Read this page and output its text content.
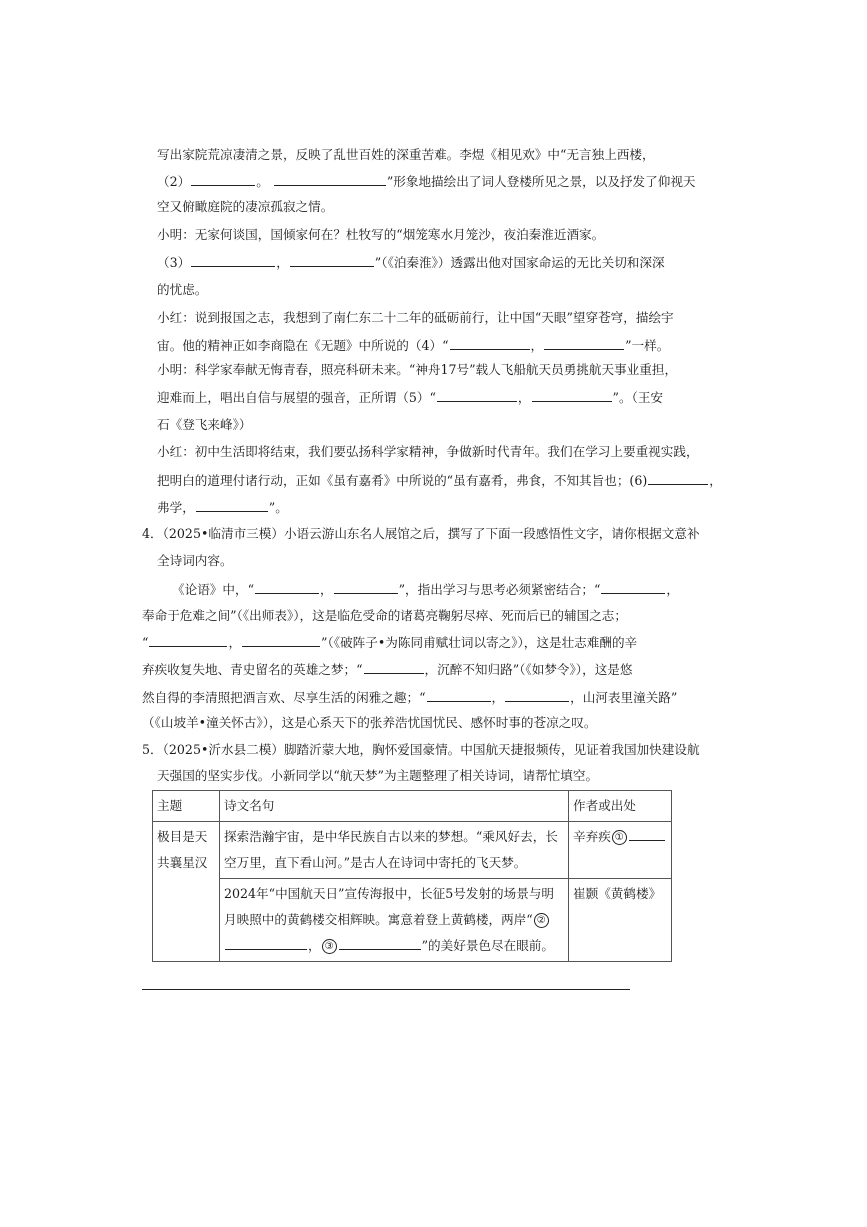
写出家院荒凉凄清之景，反映了乱世百姓的深重苦难。李煜《相见欢》中“无言独上西楼，
（2）	。	”形象地描绘出了词人登楼所见之景，以及抒发了仰视天
空又俯瞰庭院的凄凉孤寂之情。
小明：无家何谈国，国倾家何在？杜牧写的“烟笼寒水月笼沙，夜泊秦淮近酒家。
（3）	，	”（《泊秦淮》）透露出他对国家命运的无比关切和深深
的忧虑。
小红：说到报国之志，我想到了南仁东二十二年的砥砺前行，让中国“天眼”望穿苍穹，描绘宇
宙。他的精神正如李商隐在《无题》中所说的（4）“	，	”一样。
小明：科学家奉献无悔青春，照亮科研未来。“神舟17号”载人飞船航天员勇挑航天事业重担，
迎难而上，唱出自信与展望的强音，正所谓（5）“	，	”。（王安
石《登飞来峰》）
小红：初中生活即将结束，我们要弘扬科学家精神，争做新时代青年。我们在学习上要重视实践，
把明白的道理付诸行动，正如《虽有嘉肴》中所说的“虽有嘉肴，弗食，不知其旨也；(6)	，
弗学，	”。
4．（2025•临清市三模）小语云游山东名人展馆之后，撰写了下面一段感悟性文字，请你根据文意补
全诗词内容。
《论语》中，“	，	”，指出学习与思考必须紧密结合；“	，
奉命于危难之间”（《出师表》），这是临危受命的诸葛亮鞠躬尽瘁、死而后已的辅国之志；
“	，	”（《破阵子•为陈同甫赋壮词以寄之》），这是壮志难酬的辛
弃疾收复失地、青史留名的英雄之梦；“	，沉醉不知归路”（《如梦令》），这是悠
然自得的李清照把酒言欢、尽享生活的闲雅之趣；“	，	，山河表里潼关路”
（《山坡羊•潼关怀古》），这是心系天下的张养浩忧国忧民、感怀时事的苍凉之叹。
5．（2025•沂水县二模）脚踏沂蒙大地，胸怀爱国豪情。中国航天捷报频传，见证着我国加快建设航
天强国的坚实步伐。小新同学以“航天梦”为主题整理了相关诗词，请帮忙填空。
主题	诗文名句	作者或出处
极目是天共襄星汉	探索浩瀚宇宙，是中华民族自古以来的梦想。“乘风好去，长空万里，直下看山河。”是古人在诗词中寄托的飞天梦。	辛弃疾 ①
	2024年“中国航天日”宣传海报中，长征5号发射的场景与明月映照中的黄鹤楼交相辉映。寓意着登上黄鹤楼，两岸“ ②， ③ ”的美好景色尽在眼前。	崔颢《黄鹤楼》
